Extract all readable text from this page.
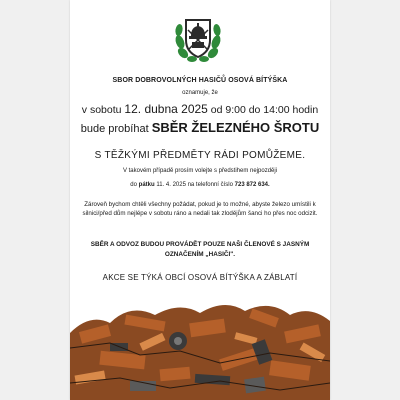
SBOR DOBROVOLNÝCH HASIČŮ OSOVÁ BÍTÝŠKA
oznamuje, že
v sobotu 12. dubna 2025 od 9:00 do 14:00 hodin
bude probíhat SBĚR ŽELEZNÉHO ŠROTU
S TĚŽKÝMI PŘEDMĚTY RÁDI POMŮŽEME.
V takovém případě prosím volejte s předstihem nejpozději
do pátku 11. 4. 2025 na telefonní číslo 723 872 634.
Zároveň bychom chtěli všechny požádat, pokud je to možné, abyste železo umístili k silnici/před dům nejlépe v sobotu ráno a nedali tak zlodějům šanci ho přes noc odcizit.
SBĚR A ODVOZ BUDOU PROVÁDĚT POUZE NAŠI ČLENOVÉ S JASNÝM OZNAČENÍM „HASIČI".
AKCE SE TÝKÁ OBCÍ OSOVÁ BÍTÝŠKA A ZÁBLATÍ
